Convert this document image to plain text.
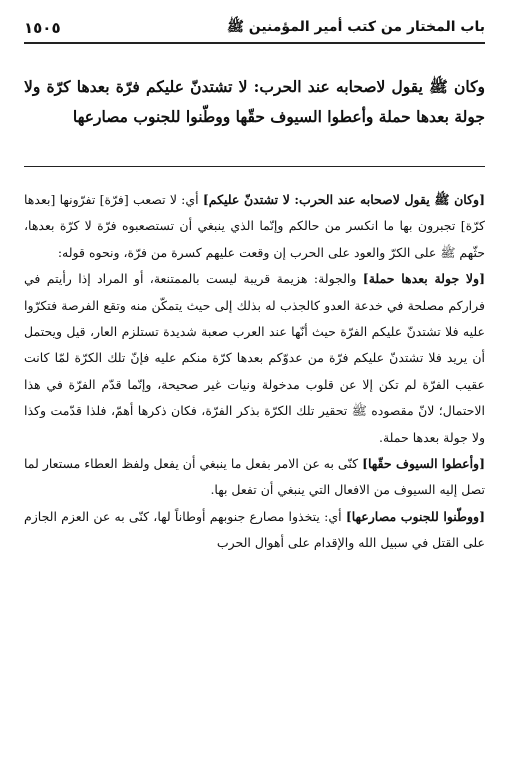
باب المختار من كتب أمير المؤمنين ﷺ
١٥٠٥
وكان ﷺ يقول لاصحابه عند الحرب: لا تشتدنّ عليكم فرّة بعدها كرّة ولا جولة بعدها حملة وأعطوا السيوف حقّها ووطّنوا للجنوب مصارعها

[وكان ﷺ يقول لاصحابه عند الحرب: لا تشتدنّ عليكم] أي: لا تصعب [فرّة] تفرّونها [بعدها كرّة] تجبرون بها ما انكسر من حالكم وإنّما الذي ينبغي أن تستصعبوه فرّة لا كرّة بعدها، حثّهم ﷺ على الكرّ والعود على الحرب إن وقعت عليهم كسرة من فرّة، ونحوه قوله:

[ولا جولة بعدها حملة] والجولة: هزيمة قريبة ليست بالممتنعة، أو المراد إذا رأيتم في فراركم مصلحة في خدعة العدو كالجذب له بذلك إلى حيث يتمكّن منه وتقع الفرصة فتكرّوا عليه فلا تشتدنّ عليكم الفرّة حيث أنّها عند العرب صعبة شديدة تستلزم العار، قيل ويحتمل أن يريد فلا تشتدنّ عليكم فرّة من عدوّكم بعدها كرّة منكم عليه فإنّ تلك الكرّة لمّا كانت عقيب الفرّة لم تكن إلا عن قلوب مدخولة ونيات غير صحيحة، وإنّما قدّم الفرّة في هذا الاحتمال؛ لانّ مقصوده ﷺ تحقير تلك الكرّة بذكر الفرّة، فكان ذكرها أهمّ، فلذا قدّمت وكذا ولا جولة بعدها حملة.

[وأعطوا السيوف حقّها] كنّى به عن الامر بفعل ما ينبغي أن يفعل ولفظ العطاء مستعار لما تصل إليه السيوف من الافعال التي ينبغي أن تفعل بها.

[ووطّنوا للجنوب مصارعها] أي: يتخذوا مصارع جنوبهم أوطاناً لها، كنّى به عن العزم الجازم على القتل في سبيل الله والإقدام على أهوال الحرب
